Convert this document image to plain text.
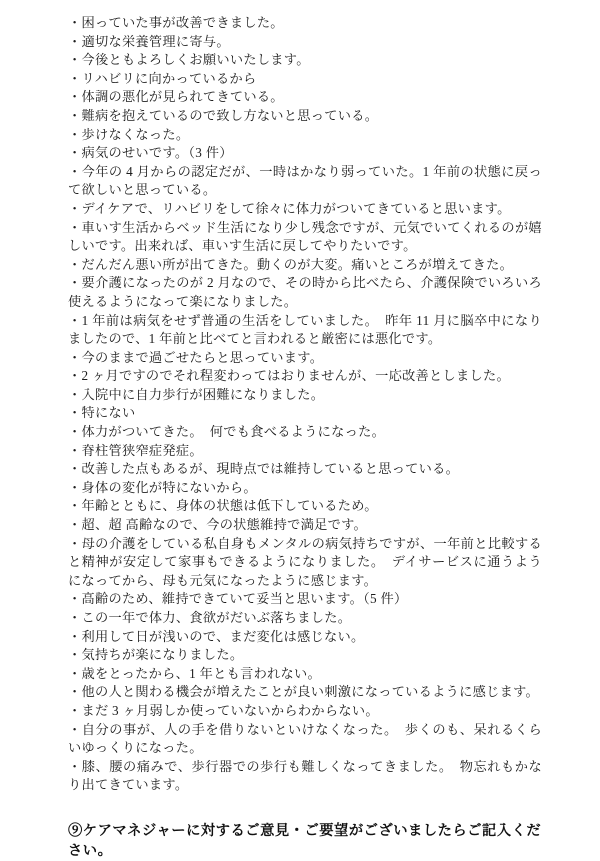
・困っていた事が改善できました。

・適切な栄養管理に寄与。

・今後ともよろしくお願いいたします。

・リハビリに向かっているから

・体調の悪化が見られてきている。

・難病を抱えているので致し方ないと思っている。

・歩けなくなった。

・病気のせいです。（3 件）

・今年の 4 月からの認定だが、一時はかなり弱っていた。1 年前の状態に戻って欲しいと思っている。

・デイケアで、リハビリをして徐々に体力がついてきていると思います。

・車いす生活からベッド生活になり少し残念ですが、元気でいてくれるのが嬉しいです。出来れば、車いす生活に戻してやりたいです。

・だんだん悪い所が出てきた。動くのが大変。痛いところが増えてきた。

・要介護になったのが 2 月なので、その時から比べたら、介護保険でいろいろ使えるようになって楽になりました。

・1 年前は病気をせず普通の生活をしていました。　昨年 11 月に脳卒中になりましたので、1 年前と比べてと言われると厳密には悪化です。

・今のままで過ごせたらと思っています。

・2 ヶ月ですのでそれ程変わってはおりませんが、一応改善としました。

・入院中に自力歩行が困難になりました。

・特にない

・体力がついてきた。　何でも食べるようになった。

・脊柱管狭窄症発症。

・改善した点もあるが、現時点では維持していると思っている。

・身体の変化が特にないから。

・年齢とともに、身体の状態は低下しているため。

・超、超 高齢なので、今の状態維持で満足です。

・母の介護をしている私自身もメンタルの病気持ちですが、一年前と比較すると精神が安定して家事もできるようになりました。　デイサービスに通うようになってから、母も元気になったように感じます。

・高齢のため、維持できていて妥当と思います。（5 件）

・この一年で体力、食欲がだいぶ落ちました。

・利用して日が浅いので、まだ変化は感じない。

・気持ちが楽になりました。

・歳をとったから、1 年とも言われない。

・他の人と関わる機会が増えたことが良い刺激になっているように感じます。

・まだ 3 ヶ月弱しか使っていないからわからない。

・自分の事が、人の手を借りないといけなくなった。　歩くのも、呆れるくらいゆっくりになった。

・膝、腰の痛みで、歩行器での歩行も難しくなってきました。　物忘れもかなり出てきています。

⑨ケアマネジャーに対するご意見・ご要望がございましたらご記入ください。
